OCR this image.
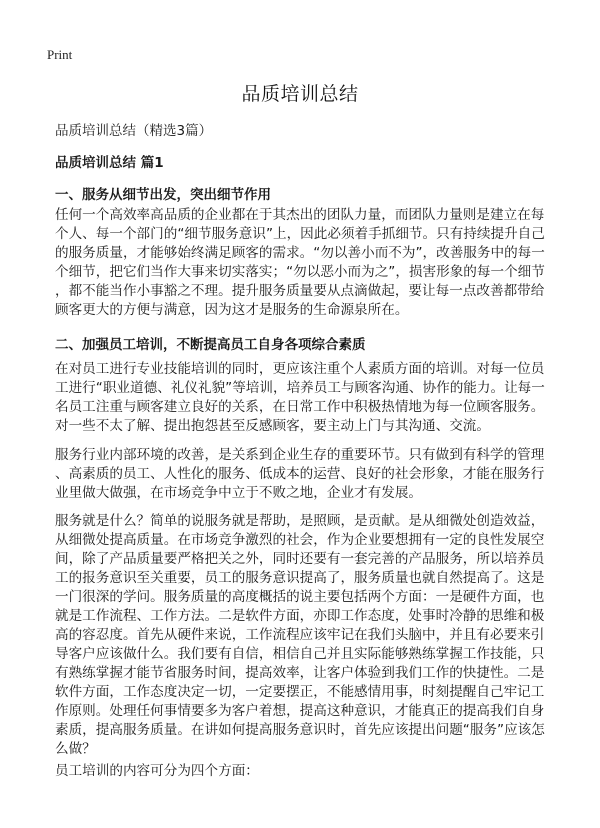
Print
品质培训总结
品质培训总结（精选3篇）
品质培训总结 篇1
一、服务从细节出发，突出细节作用
任何一个高效率高品质的企业都在于其杰出的团队力量，而团队力量则是建立在每
个人、每一个部门的“细节服务意识”上，因此必须着手抓细节。只有持续提升自己
的服务质量，才能够始终满足顾客的需求。“勿以善小而不为”，改善服务中的每一
个细节，把它们当作大事来切实落实；“勿以恶小而为之”，损害形象的每一个细节
，都不能当作小事豁之不理。提升服务质量要从点滴做起，要让每一点改善都带给
顾客更大的方便与满意，因为这才是服务的生命源泉所在。
二、加强员工培训，不断提高员工自身各项综合素质
在对员工进行专业技能培训的同时，更应该注重个人素质方面的培训。对每一位员
工进行“职业道德、礼仪礼貌”等培训，培养员工与顾客沟通、协作的能力。让每一
名员工注重与顾客建立良好的关系，在日常工作中积极热情地为每一位顾客服务。
对一些不太了解、提出抱怨甚至反感顾客，要主动上门与其沟通、交流。
服务行业内部环境的改善，是关系到企业生存的重要环节。只有做到有科学的管理
、高素质的员工、人性化的服务、低成本的运营、良好的社会形象，才能在服务行
业里做大做强，在市场竞争中立于不败之地，企业才有发展。
服务就是什么？简单的说服务就是帮助，是照顾，是贡献。是从细微处创造效益，
从细微处提高质量。在市场竞争激烈的社会，作为企业要想拥有一定的良性发展空
间，除了产品质量要严格把关之外，同时还要有一套完善的产品服务，所以培养员
工的报务意识至关重要，员工的服务意识提高了，服务质量也就自然提高了。这是
一门很深的学问。服务质量的高度概括的说主要包括两个方面：一是硬件方面，也
就是工作流程、工作方法。二是软件方面，亦即工作态度，处事时冷静的思维和极
高的容忍度。首先从硬件来说，工作流程应该牢记在我们头脑中，并且有必要来引
导客户应该做什么。我们要有自信，相信自己并且实际能够熟练掌握工作技能，只
有熟练掌握才能节省服务时间，提高效率，让客户体验到我们工作的快捷性。二是
软件方面，工作态度决定一切，一定要摆正，不能感情用事，时刻提醒自己牢记工
作原则。处理任何事情要多为客户着想，提高这种意识，才能真正的提高我们自身
素质，提高服务质量。在讲如何提高服务意识时，首先应该提出问题“服务”应该怎
么做？
员工培训的内容可分为四个方面：
